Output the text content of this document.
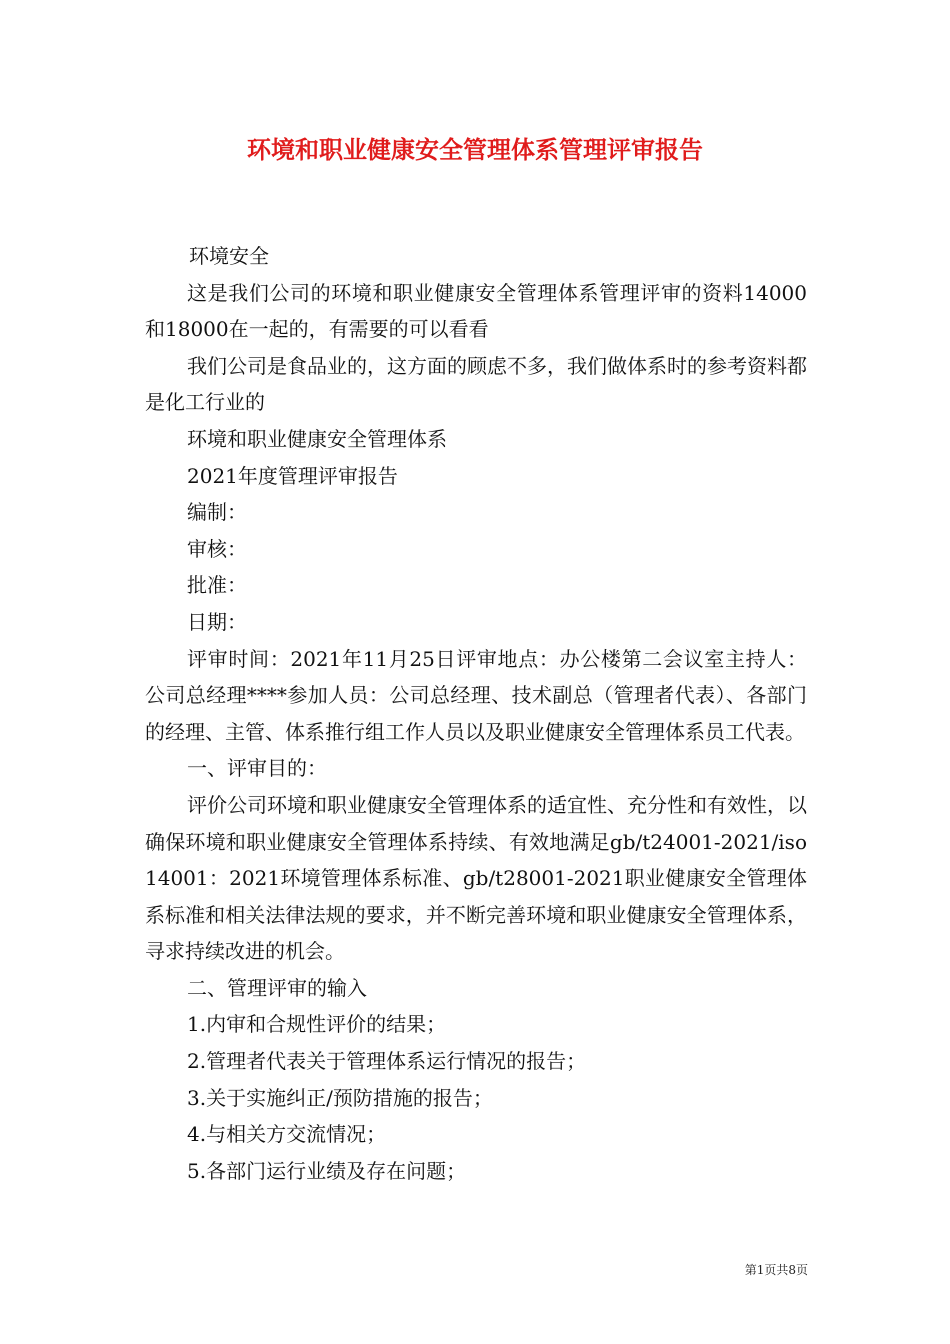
环境和职业健康安全管理体系管理评审报告

环境安全

这是我们公司的环境和职业健康安全管理体系管理评审的资料14000和18000在一起的，有需要的可以看看

我们公司是食品业的，这方面的顾虑不多，我们做体系时的参考资料都是化工行业的

环境和职业健康安全管理体系

2021年度管理评审报告

编制：

审核：

批准：

日期：

评审时间：2021年11月25日评审地点：办公楼第二会议室主持人：公司总经理****参加人员：公司总经理、技术副总（管理者代表）、各部门的经理、主管、体系推行组工作人员以及职业健康安全管理体系员工代表。

一、评审目的：

评价公司环境和职业健康安全管理体系的适宜性、充分性和有效性，以确保环境和职业健康安全管理体系持续、有效地满足gb/t24001-2021/iso14001：2021环境管理体系标准、gb/t28001-2021职业健康安全管理体系标准和相关法律法规的要求，并不断完善环境和职业健康安全管理体系，寻求持续改进的机会。

二、管理评审的输入

1.内审和合规性评价的结果；

2.管理者代表关于管理体系运行情况的报告；

3.关于实施纠正/预防措施的报告；

4.与相关方交流情况；

5.各部门运行业绩及存在问题；

第1页共8页
